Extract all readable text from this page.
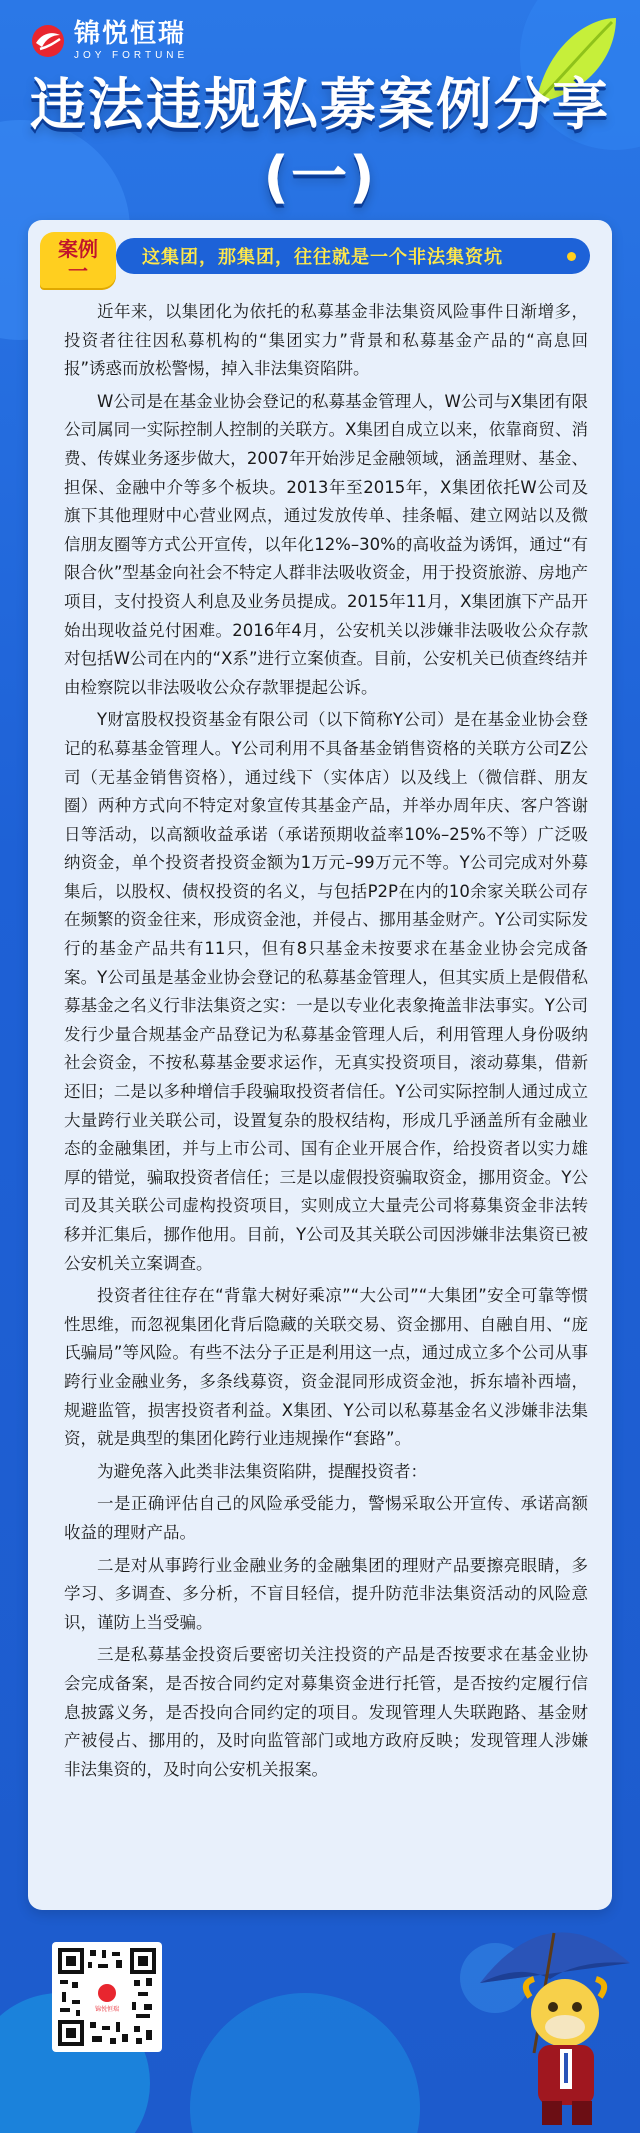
锦悦恒瑞
JOY FORTUNE
违法违规私募案例分享
(一)
案例
一
这集团，那集团，往往就是一个非法集资坑

近年来，以集团化为依托的私募基金非法集资风险事件日渐增多，投资者往往因私募机构的“集团实力”背景和私募基金产品的“高息回报”诱惑而放松警惕，掉入非法集资陷阱。

W公司是在基金业协会登记的私募基金管理人，W公司与X集团有限公司属同一实际控制人控制的关联方。X集团自成立以来，依靠商贸、消费、传媒业务逐步做大，2007年开始涉足金融领域，涵盖理财、基金、担保、金融中介等多个板块。2013年至2015年，X集团依托W公司及旗下其他理财中心营业网点，通过发放传单、挂条幅、建立网站以及微信朋友圈等方式公开宣传，以年化12%–30%的高收益为诱饵，通过“有限合伙”型基金向社会不特定人群非法吸收资金，用于投资旅游、房地产项目，支付投资人利息及业务员提成。2015年11月，X集团旗下产品开始出现收益兑付困难。2016年4月，公安机关以涉嫌非法吸收公众存款对包括W公司在内的“X系”进行立案侦查。目前，公安机关已侦查终结并由检察院以非法吸收公众存款罪提起公诉。

Y财富股权投资基金有限公司（以下简称Y公司）是在基金业协会登记的私募基金管理人。Y公司利用不具备基金销售资格的关联方公司Z公司（无基金销售资格），通过线下（实体店）以及线上（微信群、朋友圈）两种方式向不特定对象宣传其基金产品，并举办周年庆、客户答谢日等活动，以高额收益承诺（承诺预期收益率10%–25%不等）广泛吸纳资金，单个投资者投资金额为1万元–99万元不等。Y公司完成对外募集后，以股权、债权投资的名义，与包括P2P在内的10余家关联公司存在频繁的资金往来，形成资金池，并侵占、挪用基金财产。Y公司实际发行的基金产品共有11只，但有8只基金未按要求在基金业协会完成备案。Y公司虽是基金业协会登记的私募基金管理人，但其实质上是假借私募基金之名义行非法集资之实：一是以专业化表象掩盖非法事实。Y公司发行少量合规基金产品登记为私募基金管理人后，利用管理人身份吸纳社会资金，不按私募基金要求运作，无真实投资项目，滚动募集，借新还旧；二是以多种增信手段骗取投资者信任。Y公司实际控制人通过成立大量跨行业关联公司，设置复杂的股权结构，形成几乎涵盖所有金融业态的金融集团，并与上市公司、国有企业开展合作，给投资者以实力雄厚的错觉，骗取投资者信任；三是以虚假投资骗取资金，挪用资金。Y公司及其关联公司虚构投资项目，实则成立大量壳公司将募集资金非法转移并汇集后，挪作他用。目前，Y公司及其关联公司因涉嫌非法集资已被公安机关立案调查。

投资者往往存在“背靠大树好乘凉”“大公司”“大集团”安全可靠等惯性思维，而忽视集团化背后隐藏的关联交易、资金挪用、自融自用、“庞氏骗局”等风险。有些不法分子正是利用这一点，通过成立多个公司从事跨行业金融业务，多条线募资，资金混同形成资金池，拆东墙补西墙，规避监管，损害投资者利益。X集团、Y公司以私募基金名义涉嫌非法集资，就是典型的集团化跨行业违规操作“套路”。

为避免落入此类非法集资陷阱，提醒投资者：

一是正确评估自己的风险承受能力，警惕采取公开宣传、承诺高额收益的理财产品。

二是对从事跨行业金融业务的金融集团的理财产品要擦亮眼睛，多学习、多调查、多分析，不盲目轻信，提升防范非法集资活动的风险意识，谨防上当受骗。

三是私募基金投资后要密切关注投资的产品是否按要求在基金业协会完成备案，是否按合同约定对募集资金进行托管，是否按约定履行信息披露义务，是否投向合同约定的项目。发现管理人失联跑路、基金财产被侵占、挪用的，及时向监管部门或地方政府反映；发现管理人涉嫌非法集资的，及时向公安机关报案。

锦悦恒瑞
